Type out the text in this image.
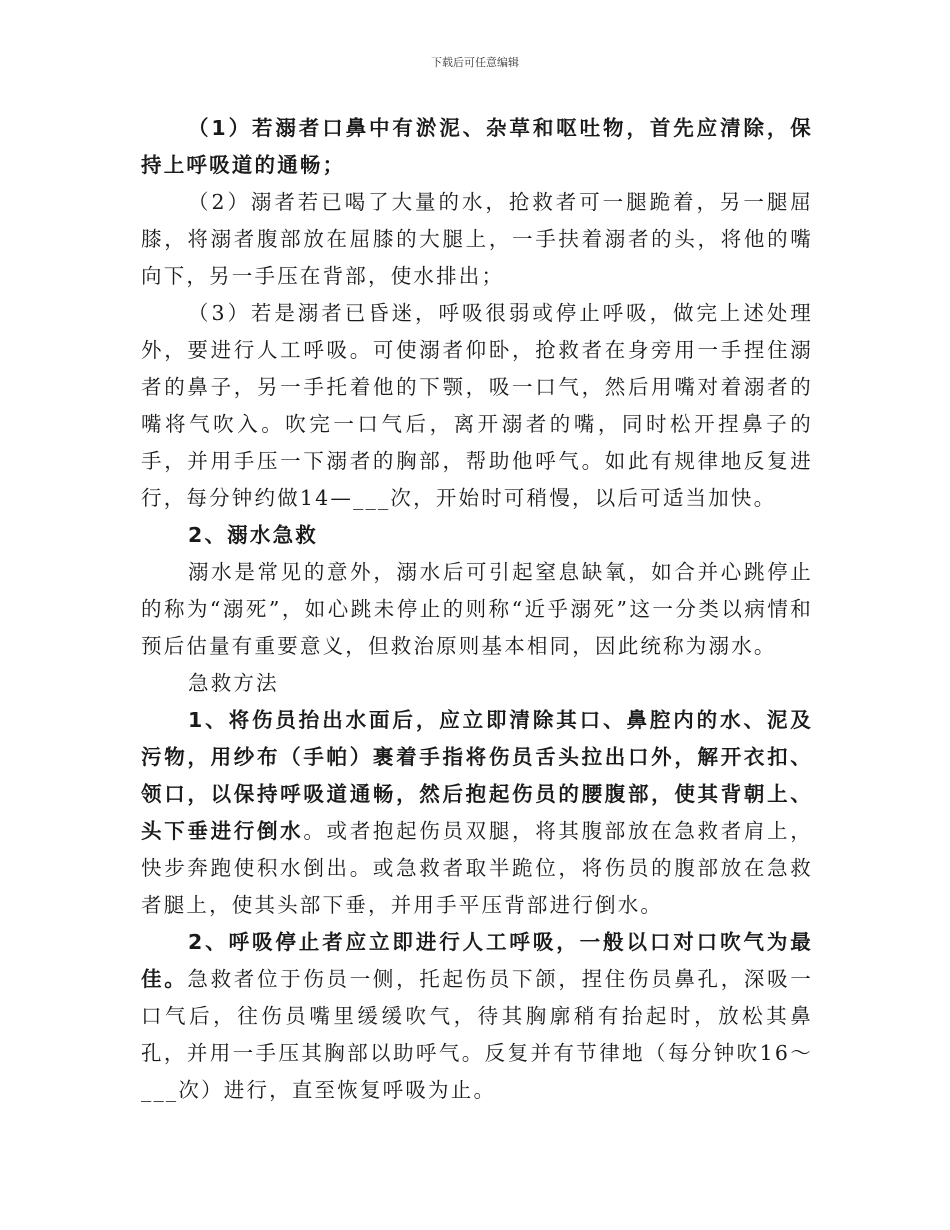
下载后可任意编辑

（1）若溺者口鼻中有淤泥、杂草和呕吐物，首先应清除，保持上呼吸道的通畅；

（2）溺者若已喝了大量的水，抢救者可一腿跪着，另一腿屈膝，将溺者腹部放在屈膝的大腿上，一手扶着溺者的头，将他的嘴向下，另一手压在背部，使水排出；

（3）若是溺者已昏迷，呼吸很弱或停止呼吸，做完上述处理外，要进行人工呼吸。可使溺者仰卧，抢救者在身旁用一手捏住溺者的鼻子，另一手托着他的下颚，吸一口气，然后用嘴对着溺者的嘴将气吹入。吹完一口气后，离开溺者的嘴，同时松开捏鼻子的手，并用手压一下溺者的胸部，帮助他呼气。如此有规律地反复进行，每分钟约做14—___次，开始时可稍慢，以后可适当加快。

2、溺水急救

溺水是常见的意外，溺水后可引起窒息缺氧，如合并心跳停止的称为“溺死”，如心跳未停止的则称“近乎溺死”这一分类以病情和预后估量有重要意义，但救治原则基本相同，因此统称为溺水。

急救方法

1、将伤员抬出水面后，应立即清除其口、鼻腔内的水、泥及污物，用纱布（手帕）裹着手指将伤员舌头拉出口外，解开衣扣、领口，以保持呼吸道通畅，然后抱起伤员的腰腹部，使其背朝上、头下垂进行倒水。或者抱起伤员双腿，将其腹部放在急救者肩上，快步奔跑使积水倒出。或急救者取半跪位，将伤员的腹部放在急救者腿上，使其头部下垂，并用手平压背部进行倒水。

2、呼吸停止者应立即进行人工呼吸，一般以口对口吹气为最佳。急救者位于伤员一侧，托起伤员下颌，捏住伤员鼻孔，深吸一口气后，往伤员嘴里缓缓吹气，待其胸廓稍有抬起时，放松其鼻孔，并用一手压其胸部以助呼气。反复并有节律地（每分钟吹16～___次）进行，直至恢复呼吸为止。
